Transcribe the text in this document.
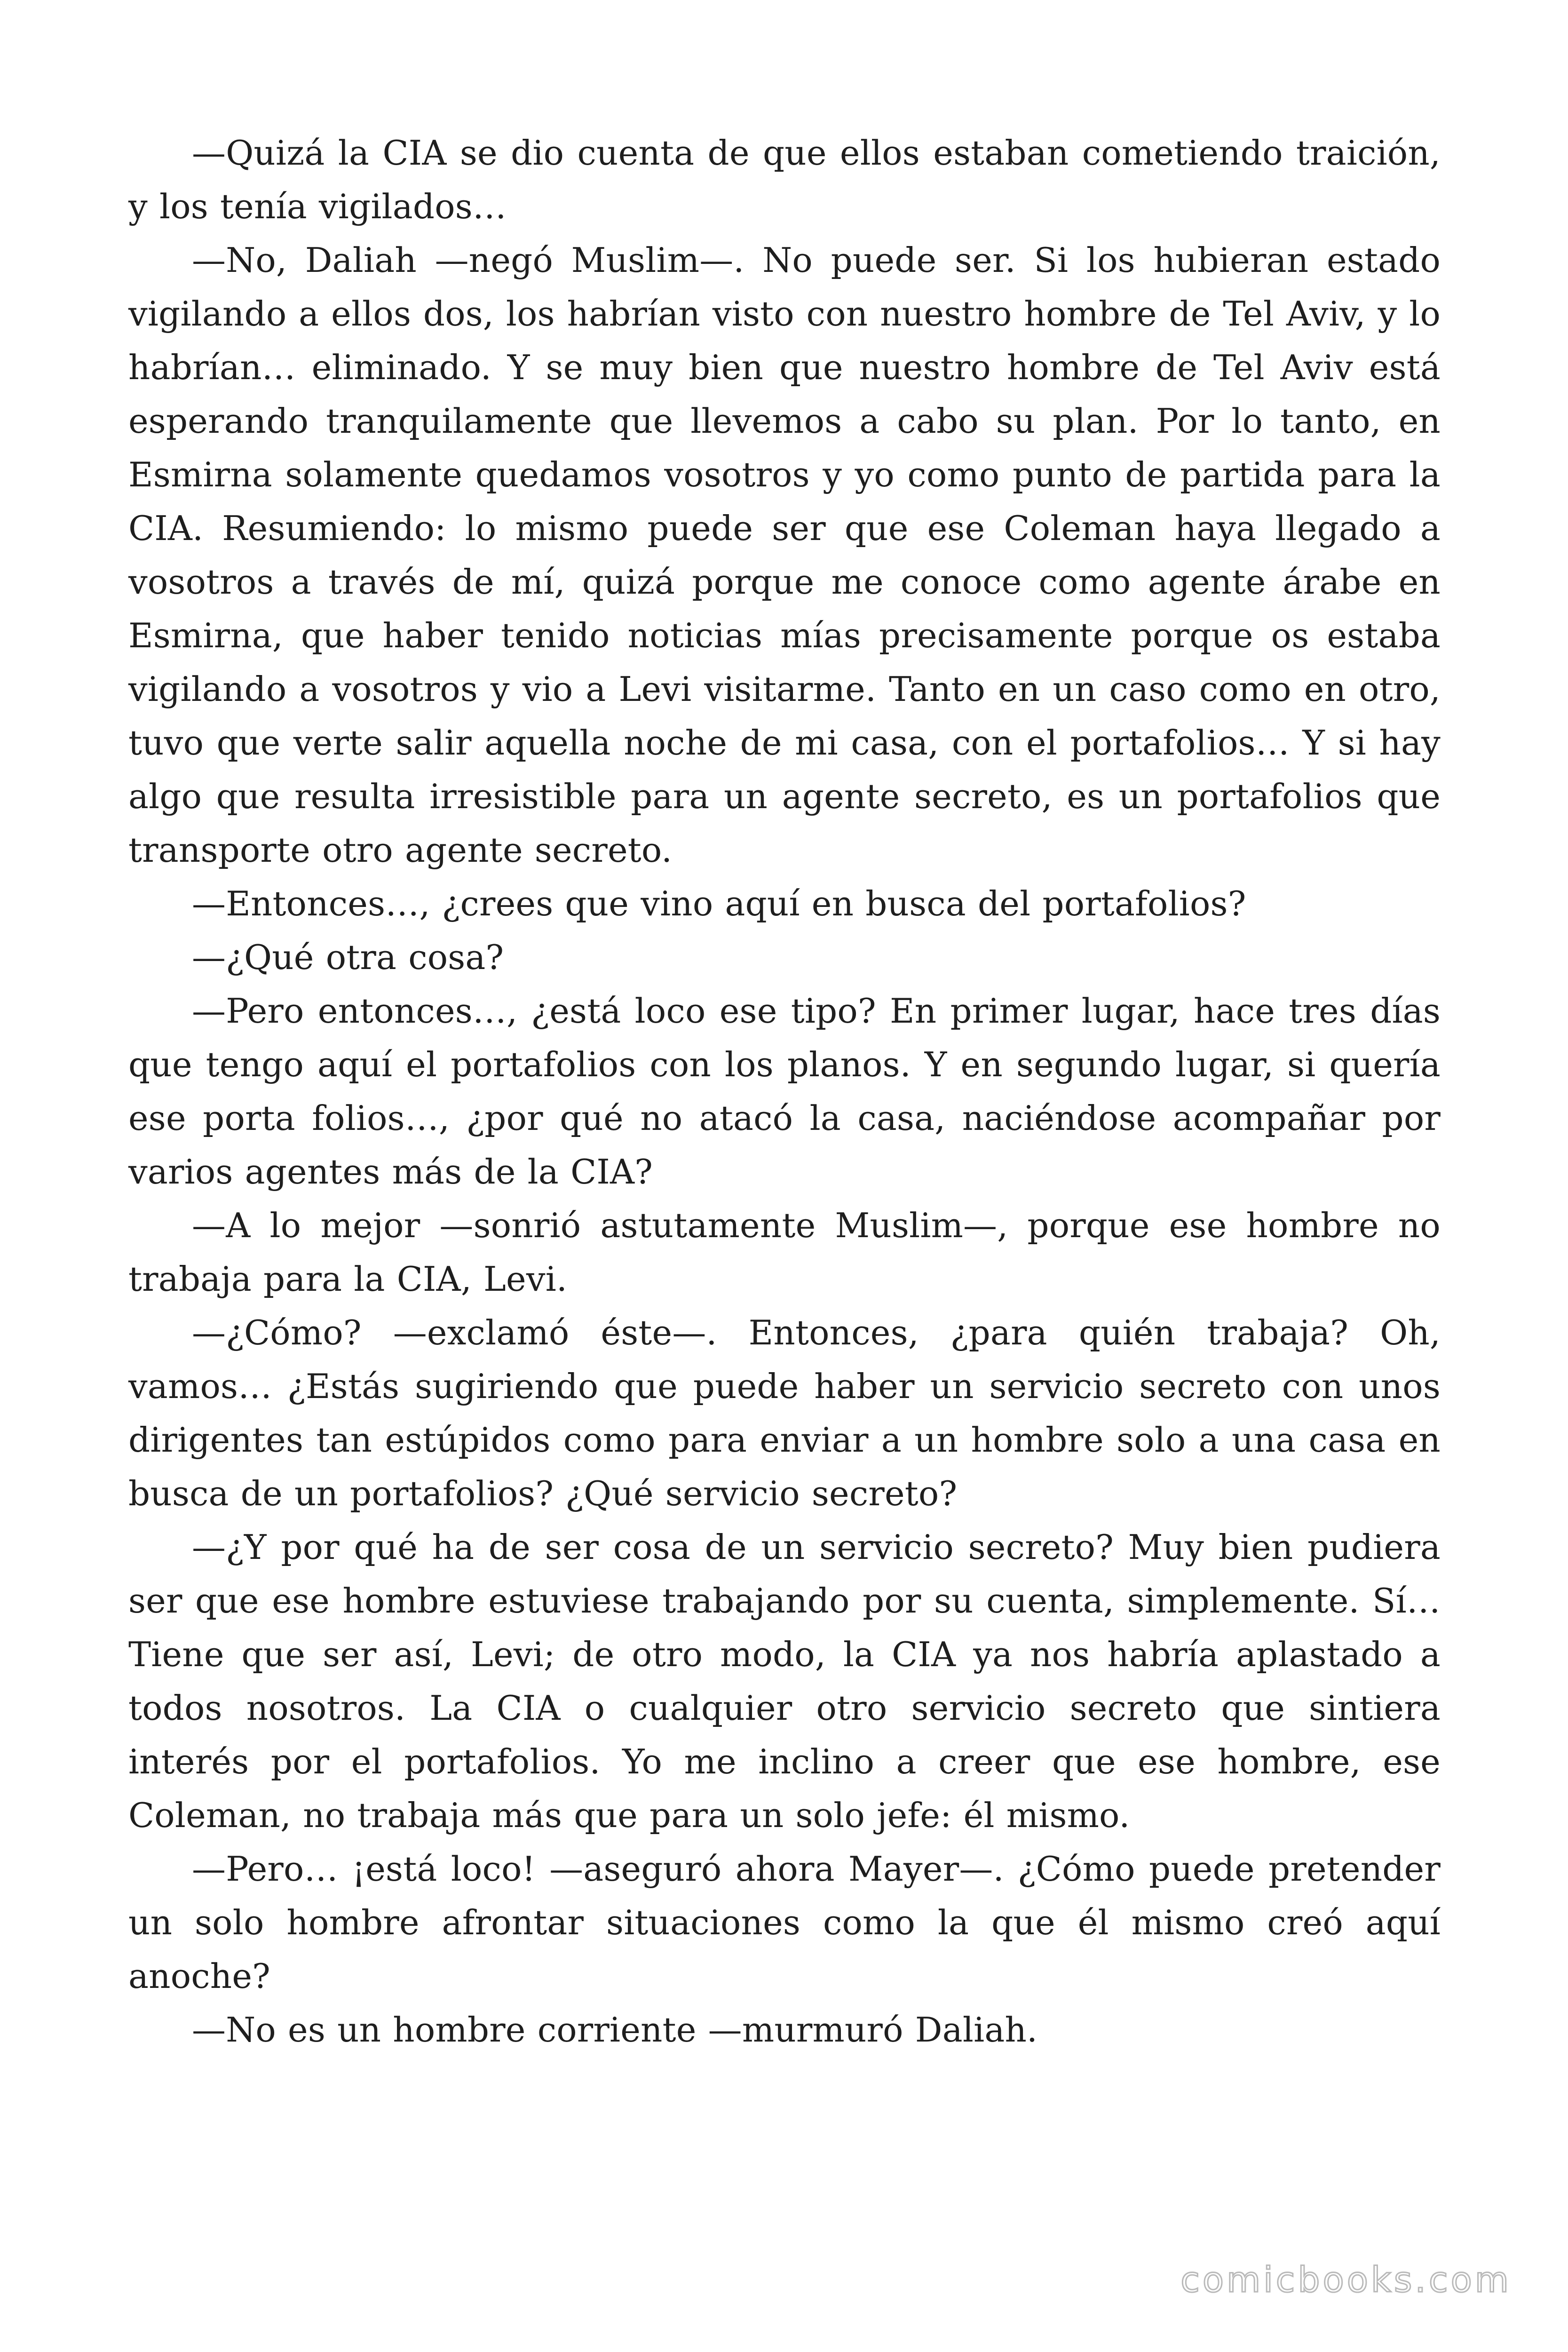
—Quizá la CIA se dio cuenta de que ellos estaban cometiendo traición, y los tenía vigilados…

—No, Daliah —negó Muslim—. No puede ser. Si los hubieran estado vigilando a ellos dos, los habrían visto con nuestro hombre de Tel Aviv, y lo habrían… eliminado. Y se muy bien que nuestro hombre de Tel Aviv está esperando tranquilamente que llevemos a cabo su plan. Por lo tanto, en Esmirna solamente quedamos vosotros y yo como punto de partida para la CIA. Resumiendo: lo mismo puede ser que ese Coleman haya llegado a vosotros a través de mí, quizá porque me conoce como agente árabe en Esmirna, que haber tenido noticias mías precisamente porque os estaba vigilando a vosotros y vio a Levi visitarme. Tanto en un caso como en otro, tuvo que verte salir aquella noche de mi casa, con el portafolios… Y si hay algo que resulta irresistible para un agente secreto, es un portafolios que transporte otro agente secreto.

—Entonces…, ¿crees que vino aquí en busca del portafolios?

—¿Qué otra cosa?

—Pero entonces…, ¿está loco ese tipo? En primer lugar, hace tres días que tengo aquí el portafolios con los planos. Y en segundo lugar, si quería ese porta folios…, ¿por qué no atacó la casa, naciéndose acompañar por varios agentes más de la CIA?

—A lo mejor —sonrió astutamente Muslim—, porque ese hombre no trabaja para la CIA, Levi.

—¿Cómo? —exclamó éste—. Entonces, ¿para quién trabaja? Oh, vamos… ¿Estás sugiriendo que puede haber un servicio secreto con unos dirigentes tan estúpidos como para enviar a un hombre solo a una casa en busca de un portafolios? ¿Qué servicio secreto?

—¿Y por qué ha de ser cosa de un servicio secreto? Muy bien pudiera ser que ese hombre estuviese trabajando por su cuenta, simplemente. Sí… Tiene que ser así, Levi; de otro modo, la CIA ya nos habría aplastado a todos nosotros. La CIA o cualquier otro servicio secreto que sintiera interés por el portafolios. Yo me inclino a creer que ese hombre, ese Coleman, no trabaja más que para un solo jefe: él mismo.

—Pero… ¡está loco! —aseguró ahora Mayer—. ¿Cómo puede pretender un solo hombre afrontar situaciones como la que él mismo creó aquí anoche?

—No es un hombre corriente —murmuró Daliah.

comicbooks.com
